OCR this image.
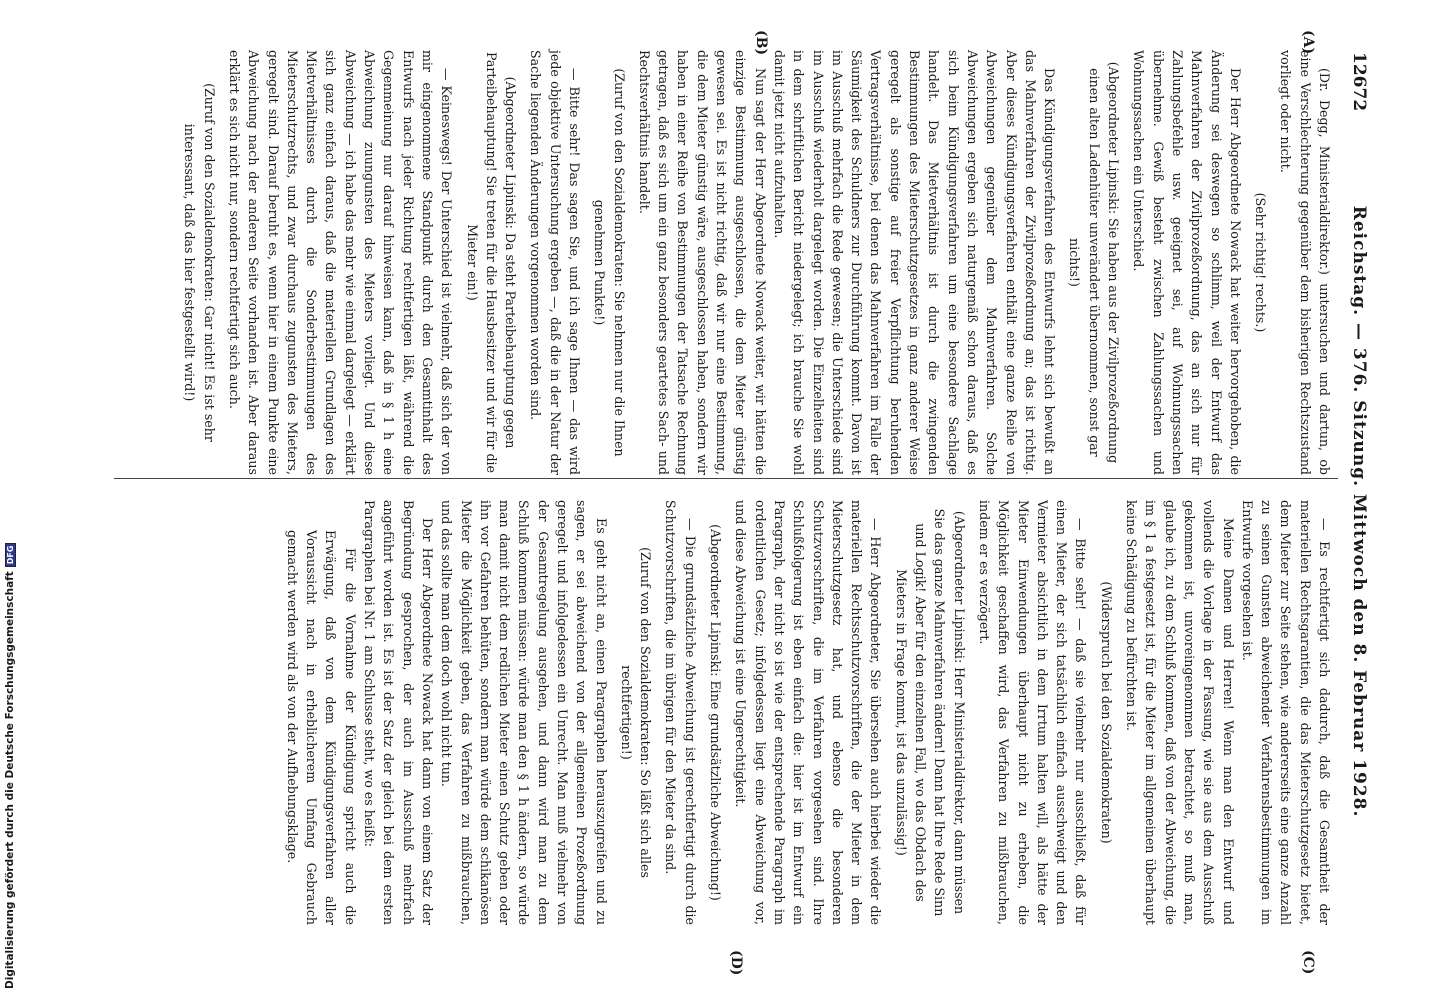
Digitalisierung gefördert durch die Deutsche ForschungsgemeinschaftDFG
12672
Reichstag. — 376. Sitzung. Mittwoch den 8. Februar 1928.
(A)
(B)
(C)
(D)

(Dr. Degg, Ministerialdirektor.) untersuchen und dartun, ob eine Verschlechterung gegenüber dem bisherigen Rechtszustand vorliegt oder nicht.

(Sehr richtig! rechts.)

Der Herr Abgeordnete Nowack hat weiter hervorgehoben, die Änderung sei deswegen so schlimm, weil der Entwurf das Mahnverfahren der Zivilprozeßordnung, das an sich nur für Zahlungsbefehle usw. geeignet sei, auf Wohnungssachen übernehme. Gewiß besteht zwischen Zahlungssachen und Wohnungssachen ein Unterschied.

(Abgeordneter Lipinski: Sie haben aus der Zivilprozeßordnung einen alten Ladenhüter unverändert übernommen, sonst gar nichts!)

Das Kündigungsverfahren des Entwurfs lehnt sich bewußt an das Mahnverfahren der Zivilprozeßordnung an; das ist richtig. Aber dieses Kündigungsverfahren enthält eine ganze Reihe von Abweichungen gegenüber dem Mahnverfahren. Solche Abweichungen ergeben sich naturgemäß schon daraus, daß es sich beim Kündigungsverfahren um eine besondere Sachlage handelt. Das Mietverhältnis ist durch die zwingenden Bestimmungen des Mieterschutzgesetzes in ganz anderer Weise geregelt als sonstige auf freier Verpflichtung beruhenden Vertragsverhältnisse, bei denen das Mahnverfahren im Falle der Säumigkeit des Schuldners zur Durchführung kommt. Davon ist im Ausschuß mehrfach die Rede gewesen; die Unterschiede sind im Ausschuß wiederholt dargelegt worden. Die Einzelheiten sind in dem schriftlichen Bericht niedergelegt; ich brauche Sie wohl damit jetzt nicht aufzuhalten.

Nun sagt der Herr Abgeordnete Nowack weiter, wir hätten die einzige Bestimmung ausgeschlossen, die dem Mieter günstig gewesen sei. Es ist nicht richtig, daß wir nur eine Bestimmung, die dem Mieter günstig wäre, ausgeschlossen haben, sondern wir haben in einer Reihe von Bestimmungen der Tatsache Rechnung getragen, daß es sich um ein ganz besonders geartetes Sach- und Rechtsverhältnis handelt.

(Zuruf von den Sozialdemokraten: Sie nehmen nur die Ihnen genehmen Punkte!)

— Bitte sehr! Das sagen Sie, und ich sage Ihnen — das wird jede objektive Untersuchung ergeben —, daß die in der Natur der Sache liegenden Änderungen vorgenommen worden sind.

(Abgeordneter Lipinski: Da steht Parteibehauptung gegen Parteibehauptung! Sie treten für die Hausbesitzer und wir für die Mieter ein!)

— Keineswegs! Der Unterschied ist vielmehr, daß sich der von mir eingenommene Standpunkt durch den Gesamtinhalt des Entwurfs nach jeder Richtung rechtfertigen läßt, während die Gegenmeinung nur darauf hinweisen kann, daß in § 1 h eine Abweichung zuungunsten des Mieters vorliegt. Und diese Abweichung — ich habe das mehr wie einmal dargelegt — erklärt sich ganz einfach daraus, daß die materiellen Grundlagen des Mietverhältnisses durch die Sonderbestimmungen des Mieterschutzrechts, und zwar durchaus zugunsten des Mieters, geregelt sind. Darauf beruht es, wenn hier in einem Punkte eine Abweichung nach der anderen Seite vorhanden ist. Aber daraus erklärt es sich nicht nur, sondern rechtfertigt sich auch.

(Zuruf von den Sozialdemokraten: Gar nicht! Es ist sehr interessant, daß das hier festgestellt wird!)

— Es rechtfertigt sich dadurch, daß die Gesamtheit der materiellen Rechtsgarantien, die das Mieterschutzgesetz bietet, dem Mieter zur Seite stehen, wie andererseits eine ganze Anzahl zu seinen Gunsten abweichender Verfahrensbestimmungen im Entwurfe vorgesehen ist.

Meine Damen und Herren! Wenn man den Entwurf und vollends die Vorlage in der Fassung, wie sie aus dem Ausschuß gekommen ist, unvoreingenommen betrachtet, so muß man, glaube ich, zu dem Schluß kommen, daß von der Abweichung, die im § 1 a festgesetzt ist, für die Mieter im allgemeinen überhaupt keine Schädigung zu befürchten ist.

(Widerspruch bei den Sozialdemokraten)

— Bitte sehr! — daß sie vielmehr nur ausschließt, daß für einen Mieter, der sich tatsächlich einfach ausschweigt und den Vermieter absichtlich in dem Irrtum halten will, als hätte der Mieter Einwendungen überhaupt nicht zu erheben, die Möglichkeit geschaffen wird, das Verfahren zu mißbrauchen, indem er es verzögert.

(Abgeordneter Lipinski: Herr Ministerialdirektor, dann müssen Sie das ganze Mahnverfahren ändern! Dann hat Ihre Rede Sinn und Logik! Aber für den einzelnen Fall, wo das Obdach des Mieters in Frage kommt, ist das unzulässig!)

— Herr Abgeordneter, Sie übersehen auch hierbei wieder die materiellen Rechtsschutzvorschriften, die der Mieter in dem Mieterschutzgesetz hat, und ebenso die besonderen Schutzvorschriften, die im Verfahren vorgesehen sind. Ihre Schlußfolgerung ist eben einfach die: hier ist im Entwurf ein Paragraph, der nicht so ist wie der entsprechende Paragraph im ordentlichen Gesetz; infolgedessen liegt eine Abweichung vor, und diese Abweichung ist eine Ungerechtigkeit.

(Abgeordneter Lipinski: Eine grundsätzliche Abweichung!)

— Die grundsätzliche Abweichung ist gerechtfertigt durch die Schutzvorschriften, die im übrigen für den Mieter da sind.

(Zuruf von den Sozialdemokraten: So läßt sich alles rechtfertigen!)

Es geht nicht an, einen Paragraphen herauszugreifen und zu sagen, er sei abweichend von der allgemeinen Prozeßordnung geregelt und infolgedessen ein Unrecht. Man muß vielmehr von der Gesamtregelung ausgehen, und dann wird man zu dem Schluß kommen müssen: würde man den § 1 h ändern, so würde man damit nicht dem redlichen Mieter einen Schutz geben oder ihn vor Gefahren behüten, sondern man würde dem schikanösen Mieter die Möglichkeit geben, das Verfahren zu mißbrauchen, und das sollte man dem doch wohl nicht tun.

Der Herr Abgeordnete Nowack hat dann von einem Satz der Begründung gesprochen, der auch im Ausschuß mehrfach angeführt worden ist. Es ist der Satz der gleich bei dem ersten Paragraphen bei Nr. 1 am Schlusse steht, wo es heißt:

Für die Vornahme der Kündigung spricht auch die Erwägung, daß von dem Kündigungsverfahren aller Voraussicht nach in erheblicherem Umfang Gebrauch gemacht werden wird als von der Aufhebungsklage.
